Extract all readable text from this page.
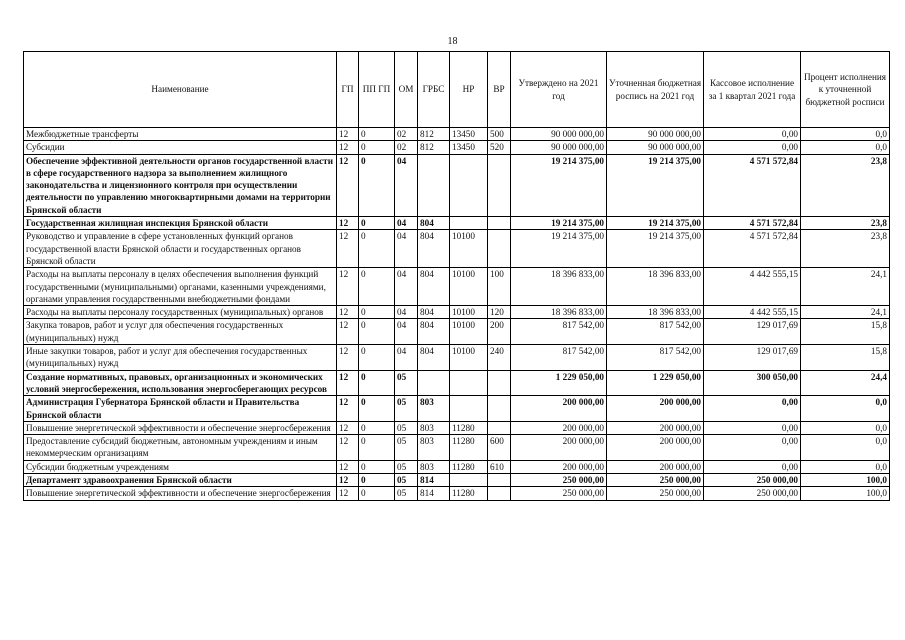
18
Наименование	ГП	ПП ГП	ОМ	ГРБС	НР	ВР	Утверждено на 2021 год	Уточненная бюджетная роспись на 2021 год	Кассовое исполнение за 1 квартал 2021 года	Процент исполнения к уточненной бюджетной росписи
Межбюджетные трансферты	12	0	02	812	13450	500	90 000 000,00	90 000 000,00	0,00	0,0
Субсидии	12	0	02	812	13450	520	90 000 000,00	90 000 000,00	0,00	0,0
Обеспечение эффективной деятельности органов государственной власти в сфере государственного надзора за выполнением жилищного законодательства и лицензионного контроля при осуществлении деятельности по управлению многоквартирными домами на территории Брянской области	12	0	04				19 214 375,00	19 214 375,00	4 571 572,84	23,8
Государственная жилищная инспекция Брянской области	12	0	04	804			19 214 375,00	19 214 375,00	4 571 572,84	23,8
Руководство и управление в сфере установленных функций органов государственной власти Брянской области и государственных органов Брянской области	12	0	04	804	10100		19 214 375,00	19 214 375,00	4 571 572,84	23,8
Расходы на выплаты персоналу в целях обеспечения выполнения функций государственными (муниципальными) органами, казенными учреждениями, органами управления государственными внебюджетными фондами	12	0	04	804	10100	100	18 396 833,00	18 396 833,00	4 442 555,15	24,1
Расходы на выплаты персоналу государственных (муниципальных) органов	12	0	04	804	10100	120	18 396 833,00	18 396 833,00	4 442 555,15	24,1
Закупка товаров, работ и услуг для обеспечения государственных (муниципальных) нужд	12	0	04	804	10100	200	817 542,00	817 542,00	129 017,69	15,8
Иные закупки товаров, работ и услуг для обеспечения государственных (муниципальных) нужд	12	0	04	804	10100	240	817 542,00	817 542,00	129 017,69	15,8
Создание нормативных, правовых, организационных и экономических условий энергосбережения, использования энергосберегающих ресурсов	12	0	05				1 229 050,00	1 229 050,00	300 050,00	24,4
Администрация Губернатора Брянской области и Правительства Брянской области	12	0	05	803			200 000,00	200 000,00	0,00	0,0
Повышение энергетической эффективности и обеспечение энергосбережения	12	0	05	803	11280		200 000,00	200 000,00	0,00	0,0
Предоставление субсидий бюджетным, автономным учреждениям и иным некоммерческим организациям	12	0	05	803	11280	600	200 000,00	200 000,00	0,00	0,0
Субсидии бюджетным учреждениям	12	0	05	803	11280	610	200 000,00	200 000,00	0,00	0,0
Департамент здравоохранения Брянской области	12	0	05	814			250 000,00	250 000,00	250 000,00	100,0
Повышение энергетической эффективности и обеспечение энергосбережения	12	0	05	814	11280		250 000,00	250 000,00	250 000,00	100,0
